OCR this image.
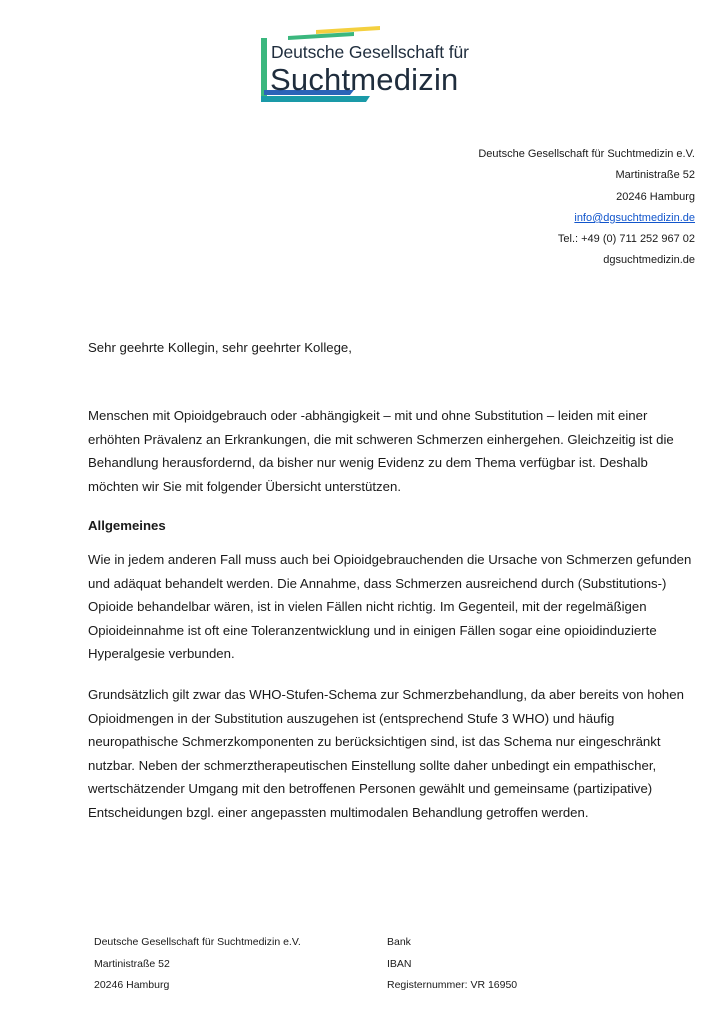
Deutsche Gesellschaft für
Suchtmedizin
Deutsche Gesellschaft für Suchtmedizin e.V.
Martinistraße 52
20246 Hamburg
info@dgsuchtmedizin.de
Tel.: +49 (0) 711 252 967 02
dgsuchtmedizin.de
Sehr geehrte Kollegin, sehr geehrter Kollege,

Menschen mit Opioidgebrauch oder -abhängigkeit – mit und ohne Substitution – leiden mit einer erhöhten Prävalenz an Erkrankungen, die mit schweren Schmerzen einhergehen. Gleichzeitig ist die Behandlung herausfordernd, da bisher nur wenig Evidenz zu dem Thema verfügbar ist. Deshalb möchten wir Sie mit folgender Übersicht unterstützen.

Allgemeines

Wie in jedem anderen Fall muss auch bei Opioidgebrauchenden die Ursache von Schmerzen gefunden und adäquat behandelt werden. Die Annahme, dass Schmerzen ausreichend durch (Substitutions-) Opioide behandelbar wären, ist in vielen Fällen nicht richtig. Im Gegenteil, mit der regelmäßigen Opioideinnahme ist oft eine Toleranzentwicklung und in einigen Fällen sogar eine opioidinduzierte Hyperalgesie verbunden.

Grundsätzlich gilt zwar das WHO-Stufen-Schema zur Schmerzbehandlung, da aber bereits von hohen Opioidmengen in der Substitution auszugehen ist (entsprechend Stufe 3 WHO) und häufig neuropathische Schmerzkomponenten zu berücksichtigen sind, ist das Schema nur eingeschränkt nutzbar. Neben der schmerztherapeutischen Einstellung sollte daher unbedingt ein empathischer, wertschätzender Umgang mit den betroffenen Personen gewählt und gemeinsame (partizipative) Entscheidungen bzgl. einer angepassten multimodalen Behandlung getroffen werden.

Deutsche Gesellschaft für Suchtmedizin e.V.
Martinistraße 52
20246 Hamburg
Bank
IBAN
Registernummer: VR 16950
